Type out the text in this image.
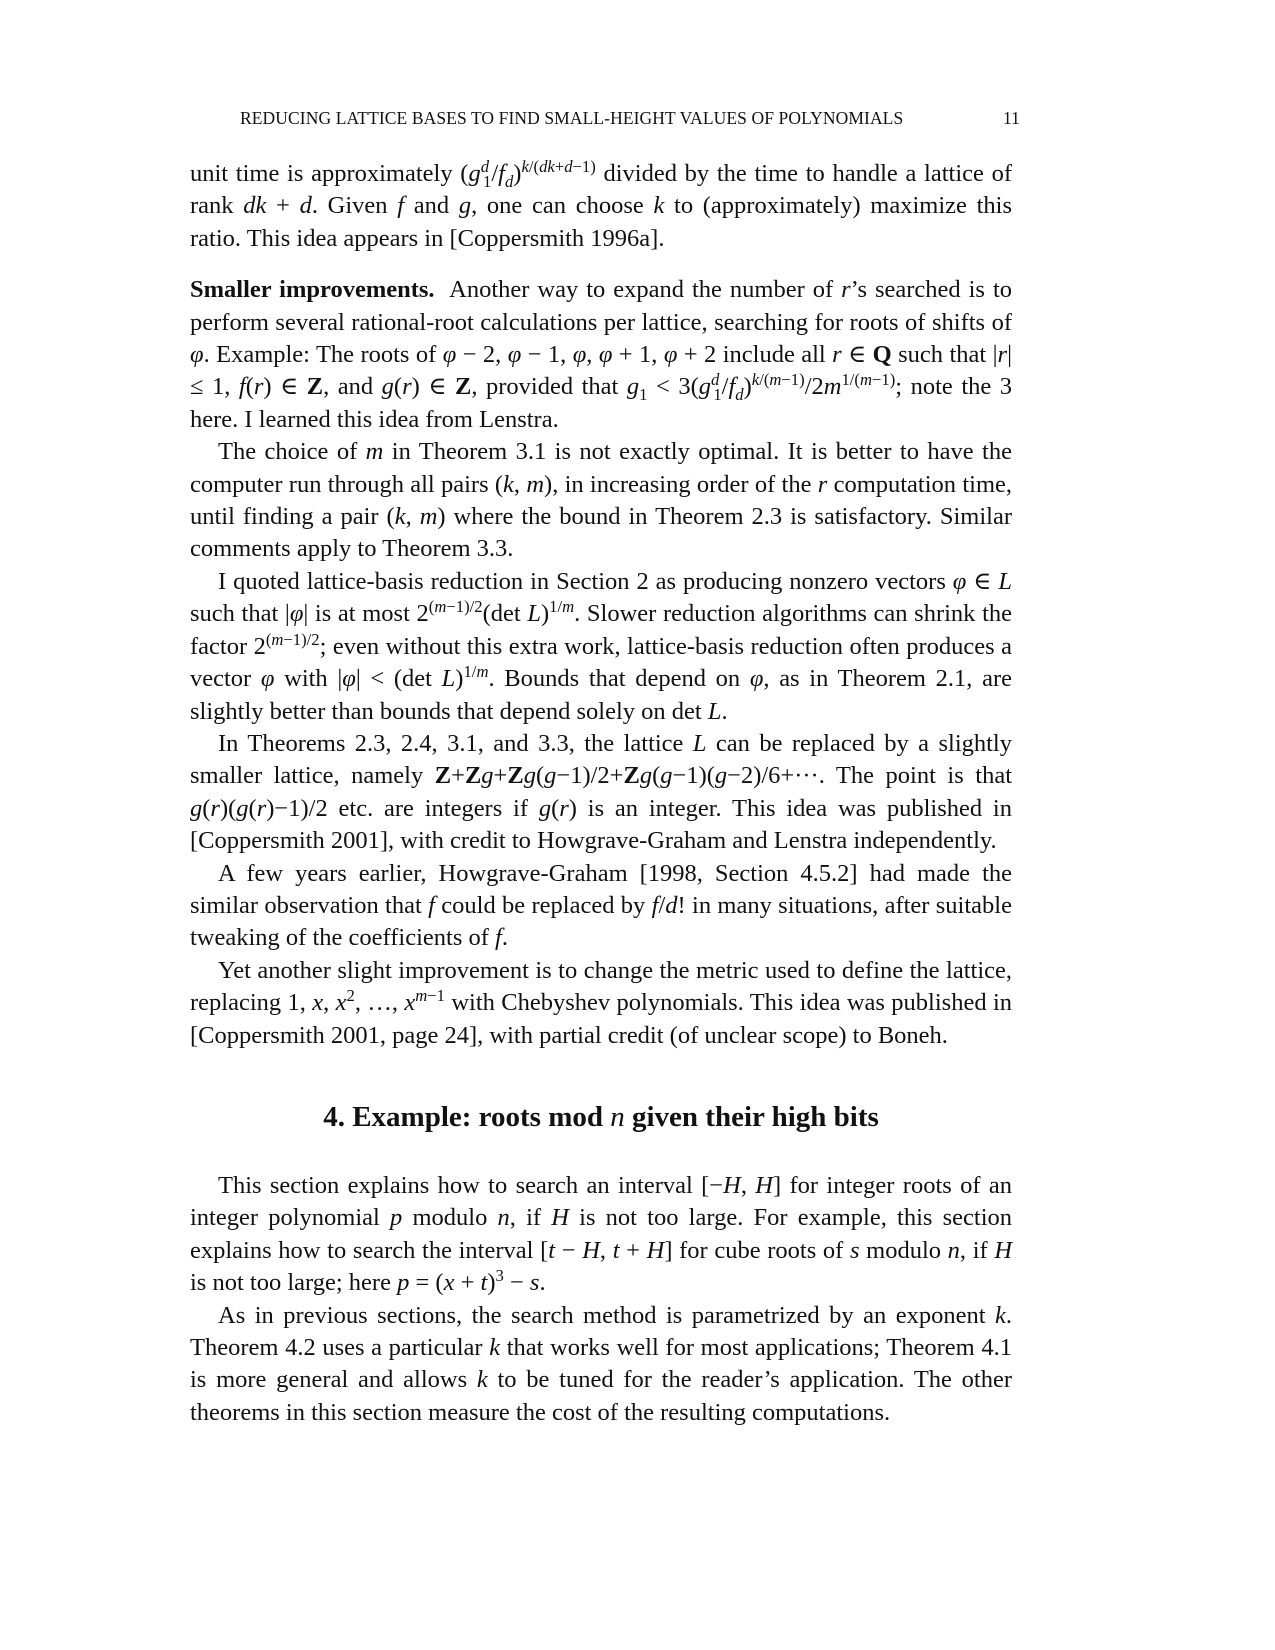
REDUCING LATTICE BASES TO FIND SMALL-HEIGHT VALUES OF POLYNOMIALS	11

unit time is approximately $(g^d_1/f_d)^{k/(dk+d-1)}$ divided by the time to handle a lattice of rank dk + d. Given f and g, one can choose k to (approximately) maximize this ratio. This idea appears in [Coppersmith 1996a].

Smaller improvements.  Another way to expand the number of r’s searched is to perform several rational-root calculations per lattice, searching for roots of shifts of φ. Example: The roots of φ − 2, φ − 1, φ, φ + 1, φ + 2 include all r ∈ Q such that |r| ≤ 1, f(r) ∈ Z, and g(r) ∈ Z, provided that $g_1 < 3(g^d_1/f_d)^{k/(m-1)}/2m^{1/(m-1)}$; note the 3 here. I learned this idea from Lenstra.

The choice of m in Theorem 3.1 is not exactly optimal. It is better to have the computer run through all pairs (k, m), in increasing order of the r computation time, until finding a pair (k, m) where the bound in Theorem 2.3 is satisfactory. Similar comments apply to Theorem 3.3.

I quoted lattice-basis reduction in Section 2 as producing nonzero vectors φ ∈ L such that |φ| is at most $2^{(m-1)/2}(\det$ L)$^{1/m}$. Slower reduction algorithms can shrink the factor $2^{(m-1)/2}$; even without this extra work, lattice-basis reduction often produces a vector φ with |φ| < (det L)$^{1/m}$. Bounds that depend on φ, as in Theorem 2.1, are slightly better than bounds that depend solely on det L.

In Theorems 2.3, 2.4, 3.1, and 3.3, the lattice L can be replaced by a slightly smaller lattice, namely Z+Zg+Zg(g−1)/2+Zg(g−1)(g−2)/6+···. The point is that g(r)(g(r)−1)/2 etc. are integers if g(r) is an integer. This idea was published in [Coppersmith 2001], with credit to Howgrave-Graham and Lenstra independently.

A few years earlier, Howgrave-Graham [1998, Section 4.5.2] had made the similar observation that f could be replaced by f/d! in many situations, after suitable tweaking of the coefficients of f.

Yet another slight improvement is to change the metric used to define the lattice, replacing 1, x, $x^2$, …, $x^{m-1}$ with Chebyshev polynomials. This idea was published in [Coppersmith 2001, page 24], with partial credit (of unclear scope) to Boneh.

4. Example: roots mod n given their high bits

This section explains how to search an interval [−H, H] for integer roots of an integer polynomial p modulo n, if H is not too large. For example, this section explains how to search the interval [t − H, t + H] for cube roots of s modulo n, if H is not too large; here $p = (x + t)^3 - s$.

As in previous sections, the search method is parametrized by an exponent k. Theorem 4.2 uses a particular k that works well for most applications; Theorem 4.1 is more general and allows k to be tuned for the reader’s application. The other theorems in this section measure the cost of the resulting computations.
